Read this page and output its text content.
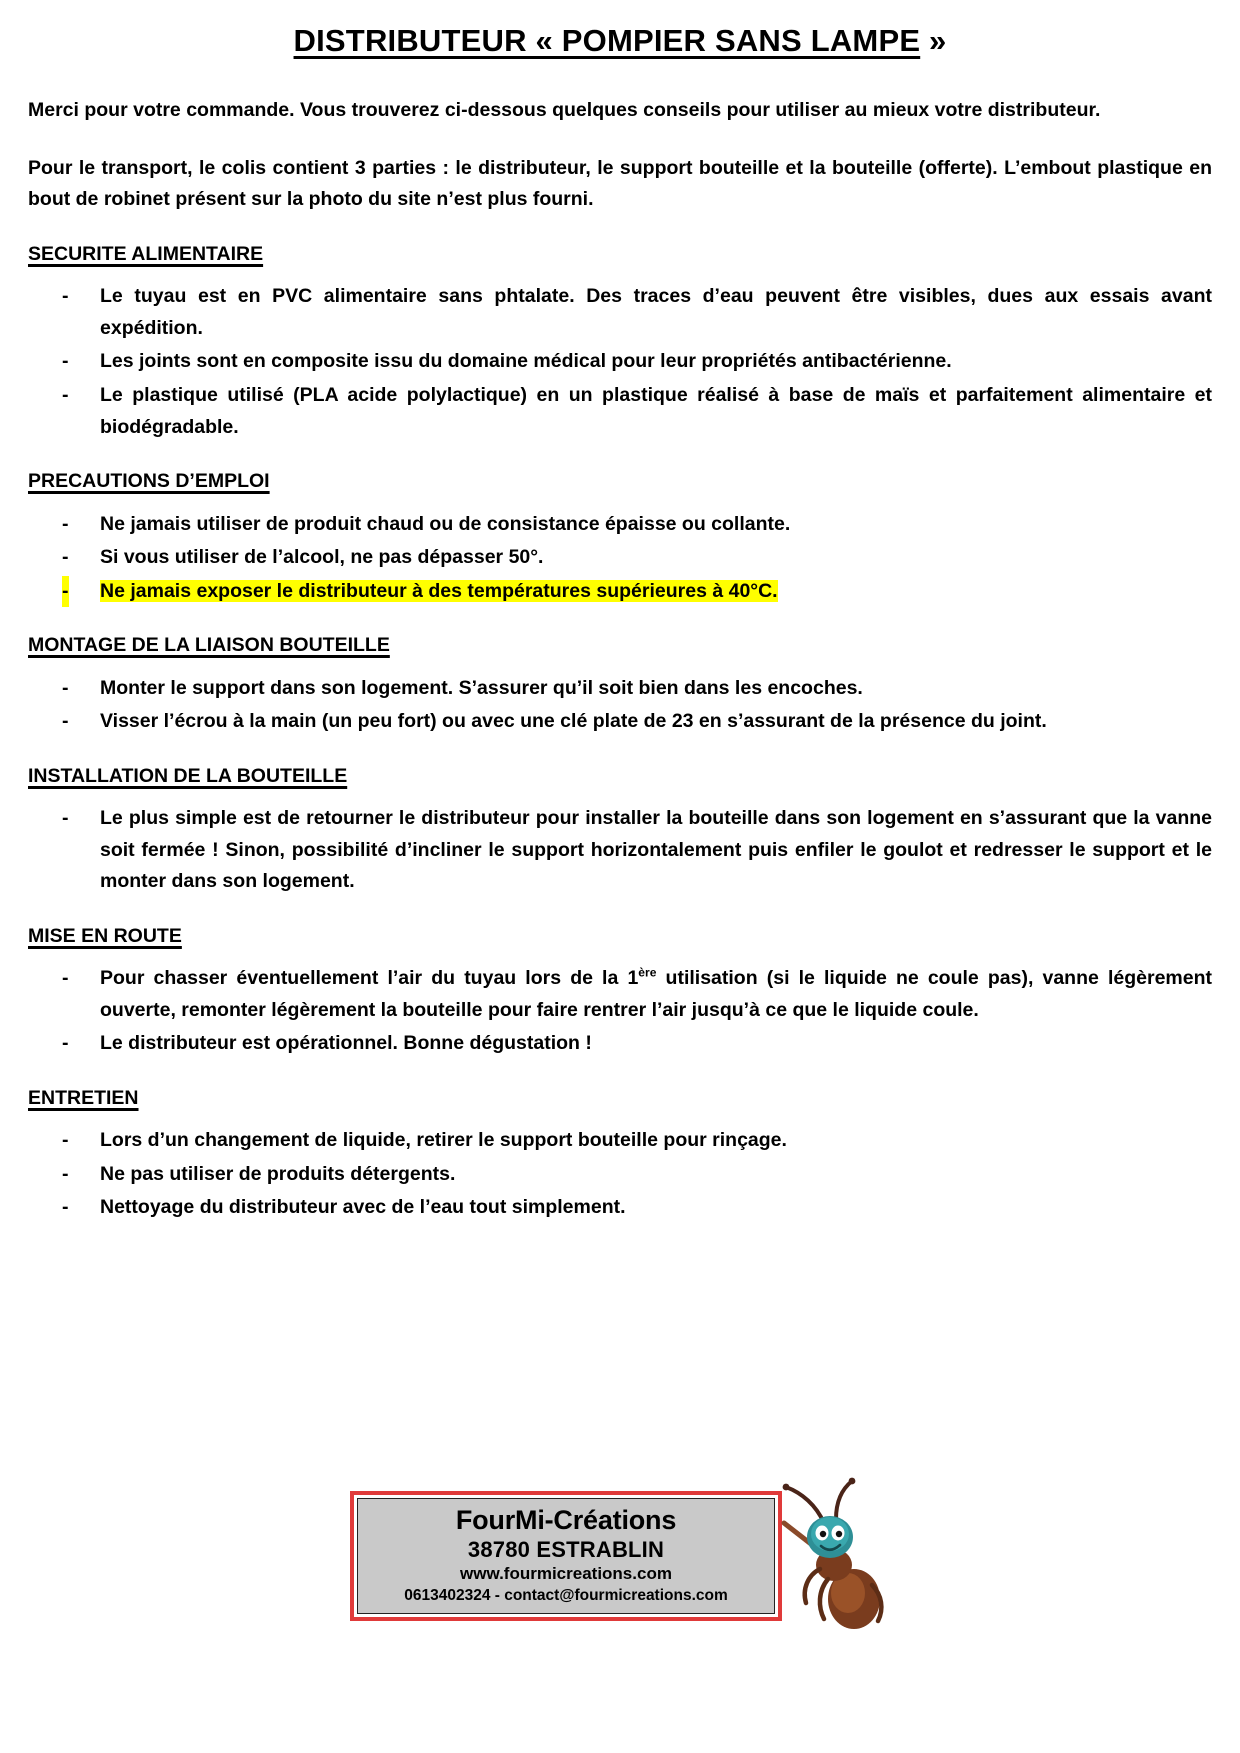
DISTRIBUTEUR « POMPIER SANS LAMPE »

Merci pour votre commande. Vous trouverez ci-dessous quelques conseils pour utiliser au mieux votre distributeur.

Pour le transport, le colis contient 3 parties : le distributeur, le support bouteille et la bouteille (offerte). L’embout plastique en bout de robinet présent sur la photo du site n’est plus fourni.

SECURITE ALIMENTAIRE
- Le tuyau est en PVC alimentaire sans phtalate. Des traces d’eau peuvent être visibles, dues aux essais avant expédition.
- Les joints sont en composite issu du domaine médical pour leur propriétés antibactérienne.
- Le plastique utilisé (PLA acide polylactique) en un plastique réalisé à base de maïs et parfaitement alimentaire et biodégradable.
PRECAUTIONS D’EMPLOI
- Ne jamais utiliser de produit chaud ou de consistance épaisse ou collante.
- Si vous utiliser de l’alcool, ne pas dépasser 50°.
- Ne jamais exposer le distributeur à des températures supérieures à 40°C.
MONTAGE DE LA LIAISON BOUTEILLE
- Monter le support dans son logement. S’assurer qu’il soit bien dans les encoches.
- Visser l’écrou à la main (un peu fort) ou avec une clé plate de 23 en s’assurant de la présence du joint.
INSTALLATION DE LA BOUTEILLE
- Le plus simple est de retourner le distributeur pour installer la bouteille dans son logement en s’assurant que la vanne soit fermée ! Sinon, possibilité d’incliner le support horizontalement puis enfiler le goulot et redresser le support et le monter dans son logement.
MISE EN ROUTE
- Pour chasser éventuellement l’air du tuyau lors de la 1ère utilisation (si le liquide ne coule pas), vanne légèrement ouverte, remonter légèrement la bouteille pour faire rentrer l’air jusqu’à ce que le liquide coule.
- Le distributeur est opérationnel. Bonne dégustation !
ENTRETIEN
- Lors d’un changement de liquide, retirer le support bouteille pour rinçage.
- Ne pas utiliser de produits détergents.
- Nettoyage du distributeur avec de l’eau tout simplement.
FourMi-Créations
38780 ESTRABLIN
www.fourmicreations.com
0613402324 - contact@fourmicreations.com
